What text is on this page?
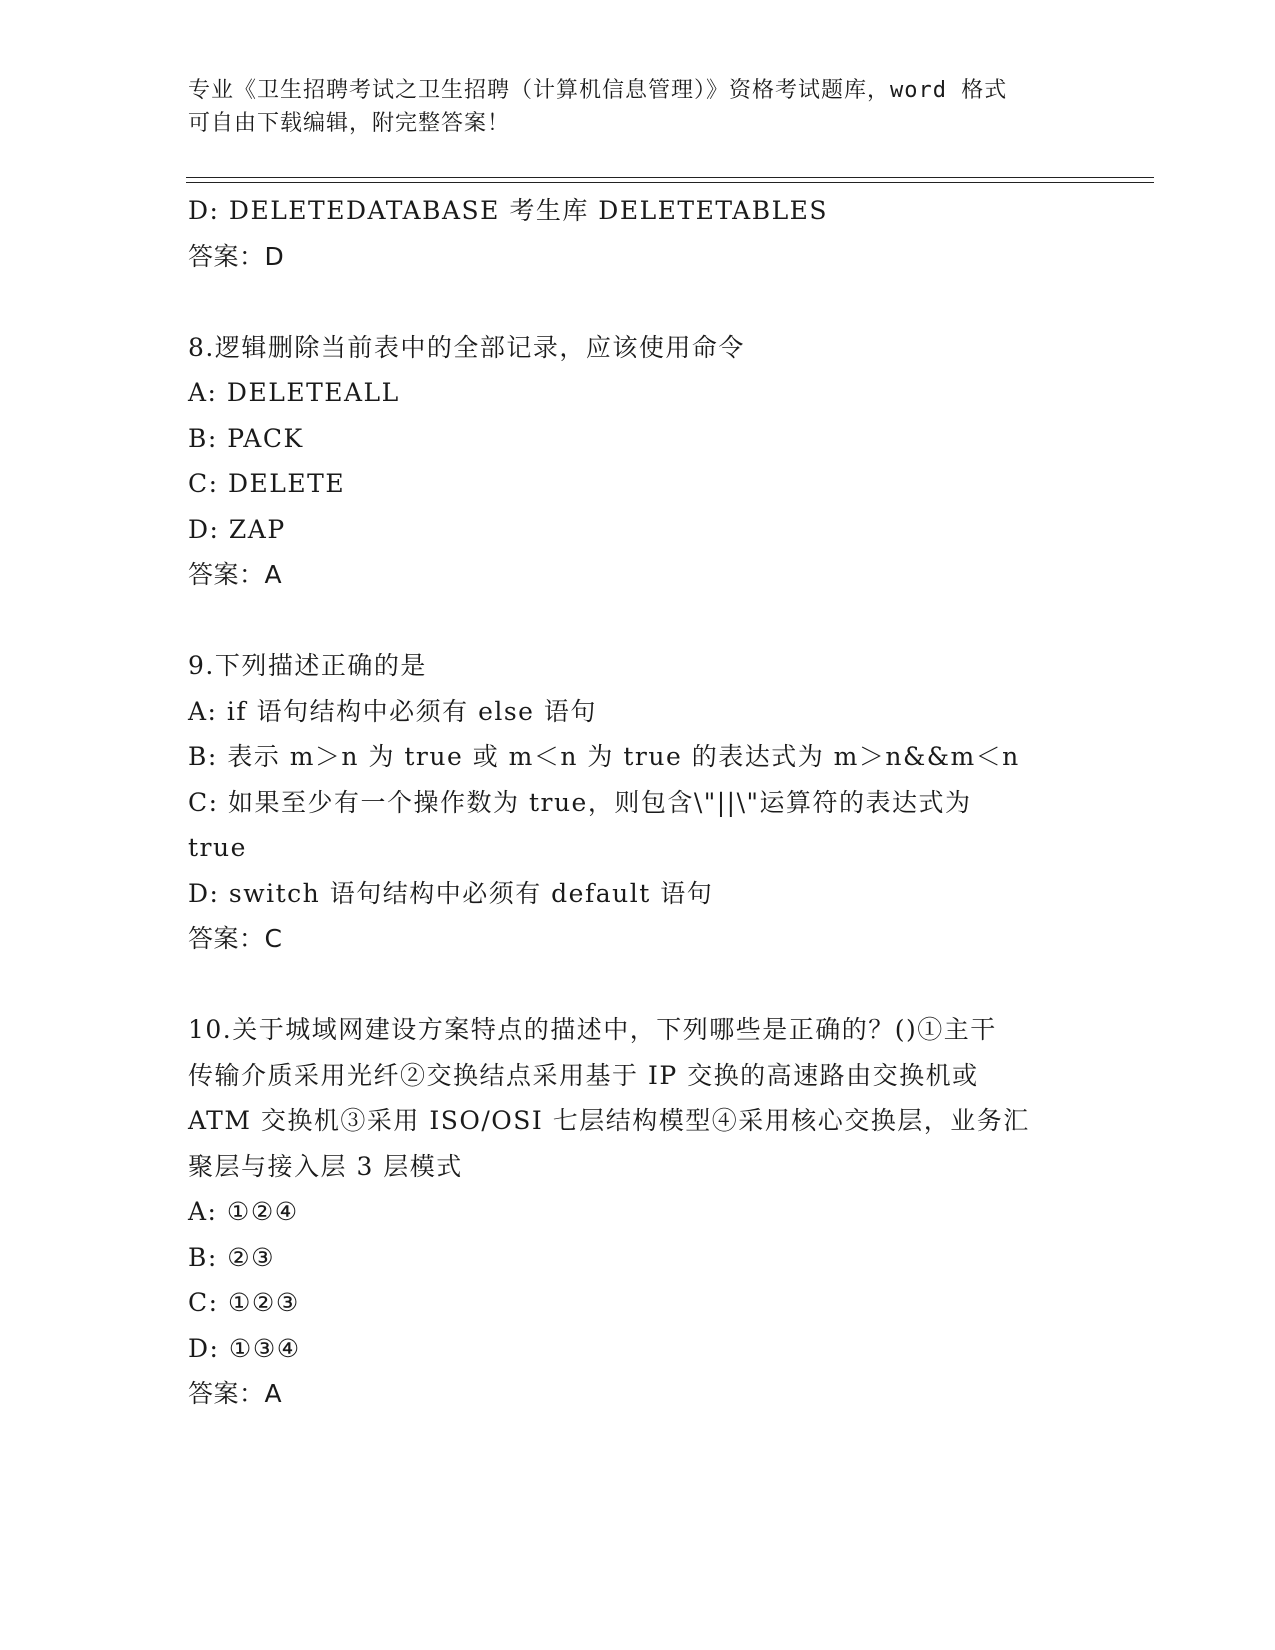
专业《卫生招聘考试之卫生招聘（计算机信息管理）》资格考试题库，word 格式
可自由下载编辑，附完整答案！
D: DELETEDATABASE 考生库 DELETETABLES
答案：D
8.逻辑删除当前表中的全部记录，应该使用命令
A: DELETEALL
B: PACK
C: DELETE
D: ZAP
答案：A
9.下列描述正确的是
A: if 语句结构中必须有 else 语句
B: 表示 m＞n 为 true 或 m＜n 为 true 的表达式为 m＞n&&m＜n
C: 如果至少有一个操作数为 true，则包含\"||\"运算符的表达式为
true
D: switch 语句结构中必须有 default 语句
答案：C
10.关于城域网建设方案特点的描述中，下列哪些是正确的？()①主干
传输介质采用光纤②交换结点采用基于 IP 交换的高速路由交换机或
ATM 交换机③采用 ISO/OSI 七层结构模型④采用核心交换层，业务汇
聚层与接入层 3 层模式
A: ①②④
B: ②③
C: ①②③
D: ①③④
答案：A
